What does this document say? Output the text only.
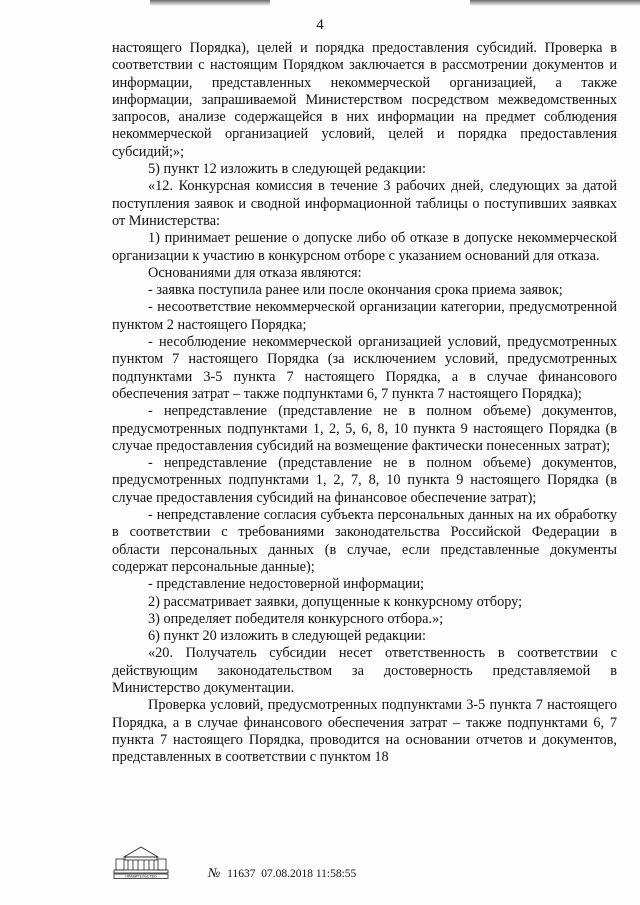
4

настоящего Порядка), целей и порядка предоставления субсидий. Проверка в соответствии с настоящим Порядком заключается в рассмотрении документов и информации, представленных некоммерческой организацией, а также информации, запрашиваемой Министерством посредством межведомственных запросов, анализе содержащейся в них информации на предмет соблюдения некоммерческой организацией условий, целей и порядка предоставления субсидий;»;

5) пункт 12 изложить в следующей редакции:

«12. Конкурсная комиссия в течение 3 рабочих дней, следующих за датой поступления заявок и сводной информационной таблицы о поступивших заявках от Министерства:

1) принимает решение о допуске либо об отказе в допуске некоммерческой организации к участию в конкурсном отборе с указанием оснований для отказа.

Основаниями для отказа являются:

- заявка поступила ранее или после окончания срока приема заявок;

- несоответствие некоммерческой организации категории, предусмотренной пунктом 2 настоящего Порядка;

- несоблюдение некоммерческой организацией условий, предусмотренных пунктом 7 настоящего Порядка (за исключением условий, предусмотренных подпунктами 3-5 пункта 7 настоящего Порядка, а в случае финансового обеспечения затрат – также подпунктами 6, 7 пункта 7 настоящего Порядка);

- непредставление (представление не в полном объеме) документов, предусмотренных подпунктами 1, 2, 5, 6, 8, 10 пункта 9 настоящего Порядка (в случае предоставления субсидий на возмещение фактически понесенных затрат);

- непредставление (представление не в полном объеме) документов, предусмотренных подпунктами 1, 2, 7, 8, 10 пункта 9 настоящего Порядка (в случае предоставления субсидий на финансовое обеспечение затрат);

- непредставление согласия субъекта персональных данных на их обработку в соответствии с требованиями законодательства Российской Федерации в области персональных данных (в случае, если представленные документы содержат персональные данные);

- представление недостоверной информации;

2) рассматривает заявки, допущенные к конкурсному отбору;

3) определяет победителя конкурсного отбора.»;

6) пункт 20 изложить в следующей редакции:

«20. Получатель субсидии несет ответственность в соответствии с действующим законодательством за достоверность представляемой в Министерство документации.

Проверка условий, предусмотренных подпунктами 3-5 пункта 7 настоящего Порядка, а в случае финансового обеспечения затрат – также подпунктами 6, 7 пункта 7 настоящего Порядка, проводится на основании отчетов и документов, представленных в соответствии с пунктом 18

ПРАВИТЕЛЬСТВО	№ 11637 07.08.2018 11:58:55
